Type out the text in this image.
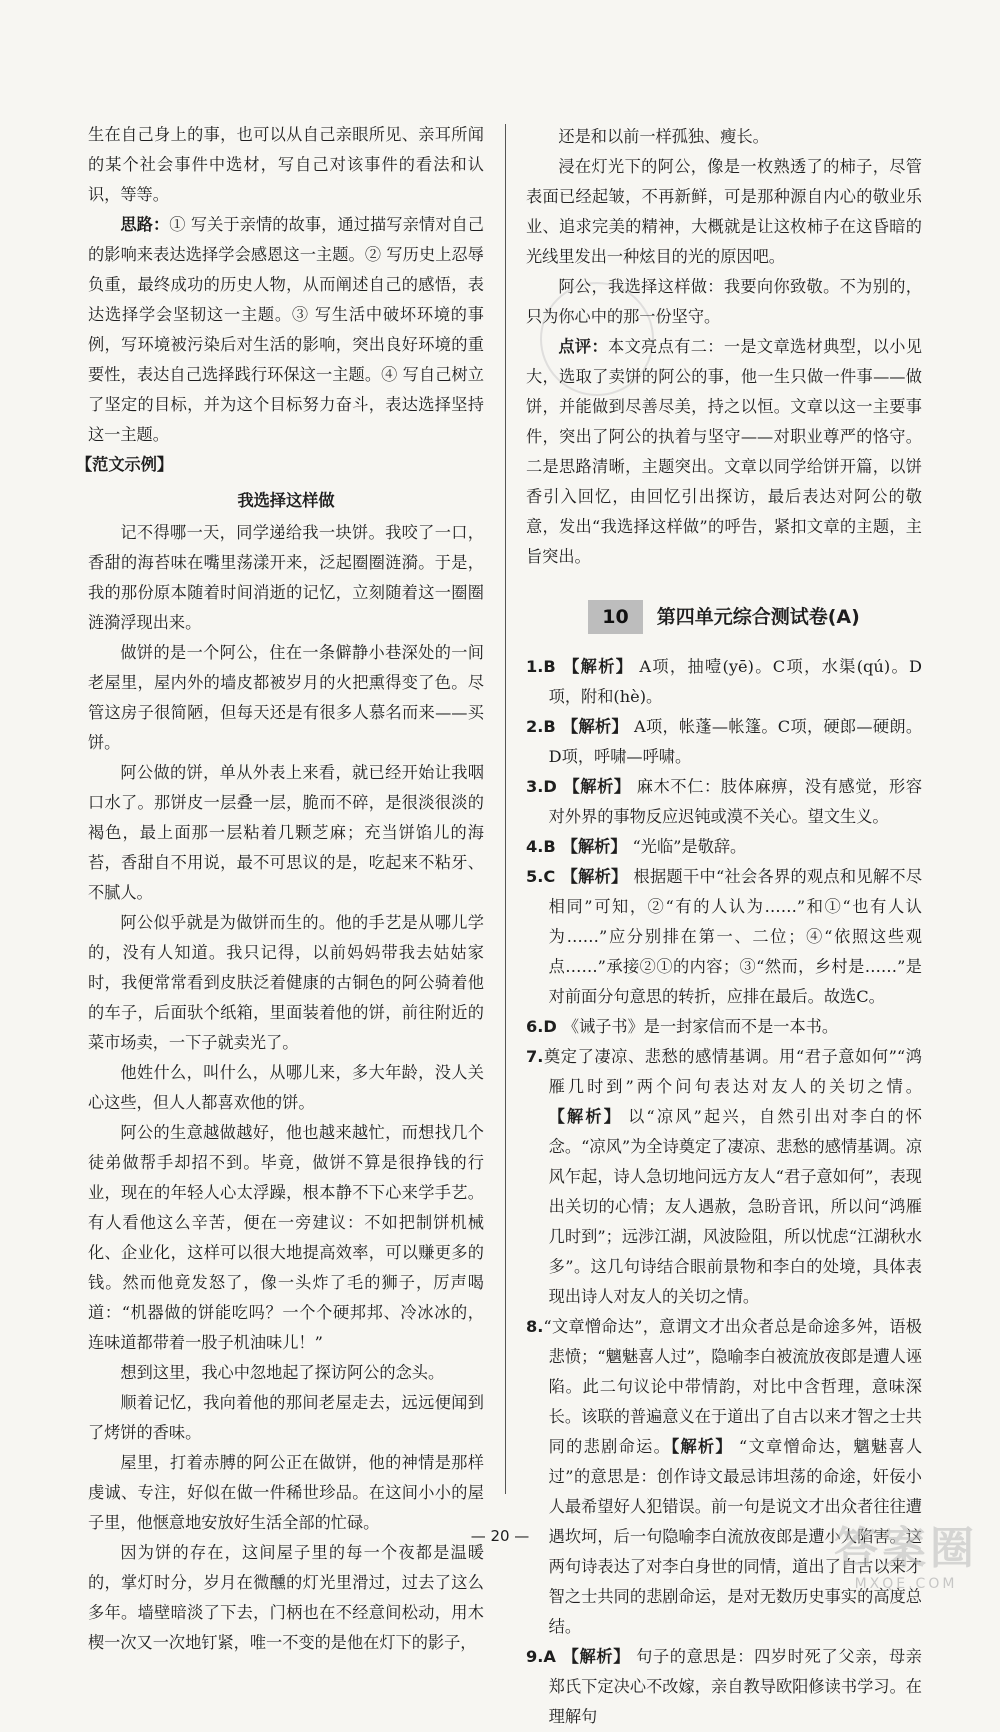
生在自己身上的事，也可以从自己亲眼所见、亲耳所闻的某个社会事件中选材，写自己对该事件的看法和认识，等等。

思路：① 写关于亲情的故事，通过描写亲情对自己的影响来表达选择学会感恩这一主题。② 写历史上忍辱负重，最终成功的历史人物，从而阐述自己的感悟，表达选择学会坚韧这一主题。③ 写生活中破坏环境的事例，写环境被污染后对生活的影响，突出良好环境的重要性，表达自己选择践行环保这一主题。④ 写自己树立了坚定的目标，并为这个目标努力奋斗，表达选择坚持这一主题。

【范文示例】

我选择这样做

记不得哪一天，同学递给我一块饼。我咬了一口，香甜的海苔味在嘴里荡漾开来，泛起圈圈涟漪。于是，我的那份原本随着时间消逝的记忆，立刻随着这一圈圈涟漪浮现出来。

做饼的是一个阿公，住在一条僻静小巷深处的一间老屋里，屋内外的墙皮都被岁月的火把熏得变了色。尽管这房子很简陋，但每天还是有很多人慕名而来——买饼。

阿公做的饼，单从外表上来看，就已经开始让我咽口水了。那饼皮一层叠一层，脆而不碎，是很淡很淡的褐色，最上面那一层粘着几颗芝麻；充当饼馅儿的海苔，香甜自不用说，最不可思议的是，吃起来不粘牙、不腻人。

阿公似乎就是为做饼而生的。他的手艺是从哪儿学的，没有人知道。我只记得，以前妈妈带我去姑姑家时，我便常常看到皮肤泛着健康的古铜色的阿公骑着他的车子，后面驮个纸箱，里面装着他的饼，前往附近的菜市场卖，一下子就卖光了。

他姓什么，叫什么，从哪儿来，多大年龄，没人关心这些，但人人都喜欢他的饼。

阿公的生意越做越好，他也越来越忙，而想找几个徒弟做帮手却招不到。毕竟，做饼不算是很挣钱的行业，现在的年轻人心太浮躁，根本静不下心来学手艺。有人看他这么辛苦，便在一旁建议：不如把制饼机械化、企业化，这样可以很大地提高效率，可以赚更多的钱。然而他竟发怒了，像一头炸了毛的狮子，厉声喝道：“机器做的饼能吃吗？一个个硬邦邦、冷冰冰的，连味道都带着一股子机油味儿！”

想到这里，我心中忽地起了探访阿公的念头。

顺着记忆，我向着他的那间老屋走去，远远便闻到了烤饼的香味。

屋里，打着赤膊的阿公正在做饼，他的神情是那样虔诚、专注，好似在做一件稀世珍品。在这间小小的屋子里，他惬意地安放好生活全部的忙碌。

因为饼的存在，这间屋子里的每一个夜都是温暖的，掌灯时分，岁月在微醺的灯光里滑过，过去了这么多年。墙壁暗淡了下去，门柄也在不经意间松动，用木楔一次又一次地钉紧，唯一不变的是他在灯下的影子，

还是和以前一样孤独、瘦长。

浸在灯光下的阿公，像是一枚熟透了的柿子，尽管表面已经起皱，不再新鲜，可是那种源自内心的敬业乐业、追求完美的精神，大概就是让这枚柿子在这昏暗的光线里发出一种炫目的光的原因吧。

阿公，我选择这样做：我要向你致敬。不为别的，只为你心中的那一份坚守。

点评：本文亮点有二：一是文章选材典型，以小见大，选取了卖饼的阿公的事，他一生只做一件事——做饼，并能做到尽善尽美，持之以恒。文章以这一主要事件，突出了阿公的执着与坚守——对职业尊严的恪守。二是思路清晰，主题突出。文章以同学给饼开篇，以饼香引入回忆，由回忆引出探访，最后表达对阿公的敬意，发出“我选择这样做”的呼告，紧扣文章的主题，主旨突出。

10	第四单元综合测试卷(A)

1.B 【解析】 A项，抽噎(yē)。C项，水渠(qú)。D项，附和(hè)。

2.B 【解析】 A项，帐蓬—帐篷。C项，硬郎—硬朗。D项，呼啸—呼啸。

3.D 【解析】 麻木不仁：肢体麻痹，没有感觉，形容对外界的事物反应迟钝或漠不关心。望文生义。

4.B 【解析】 “光临”是敬辞。

5.C 【解析】 根据题干中“社会各界的观点和见解不尽相同”可知，②“有的人认为……”和①“也有人认为……”应分别排在第一、二位；④“依照这些观点……”承接②①的内容；③“然而，乡村是……”是对前面分句意思的转折，应排在最后。故选C。

6.D 《诫子书》是一封家信而不是一本书。

7.奠定了凄凉、悲愁的感情基调。用“君子意如何”“鸿雁几时到”两个问句表达对友人的关切之情。【解析】 以“凉风”起兴，自然引出对李白的怀念。“凉风”为全诗奠定了凄凉、悲愁的感情基调。凉风乍起，诗人急切地问远方友人“君子意如何”，表现出关切的心情；友人遇赦，急盼音讯，所以问“鸿雁几时到”；远涉江湖，风波险阻，所以忧虑“江湖秋水多”。这几句诗结合眼前景物和李白的处境，具体表现出诗人对友人的关切之情。

8.“文章憎命达”，意谓文才出众者总是命途多舛，语极悲愤；“魑魅喜人过”，隐喻李白被流放夜郎是遭人诬陷。此二句议论中带情韵，对比中含哲理，意味深长。该联的普遍意义在于道出了自古以来才智之士共同的悲剧命运。【解析】 “文章憎命达，魑魅喜人过”的意思是：创作诗文最忌讳坦荡的命途，奸佞小人最希望好人犯错误。前一句是说文才出众者往往遭遇坎坷，后一句隐喻李白流放夜郎是遭小人陷害。这两句诗表达了对李白身世的同情，道出了自古以来才智之士共同的悲剧命运，是对无数历史事实的高度总结。

9.A 【解析】 句子的意思是：四岁时死了父亲，母亲郑氏下定决心不改嫁，亲自教导欧阳修读书学习。在理解句

— 20 —	答案圈
MXQE.COM
